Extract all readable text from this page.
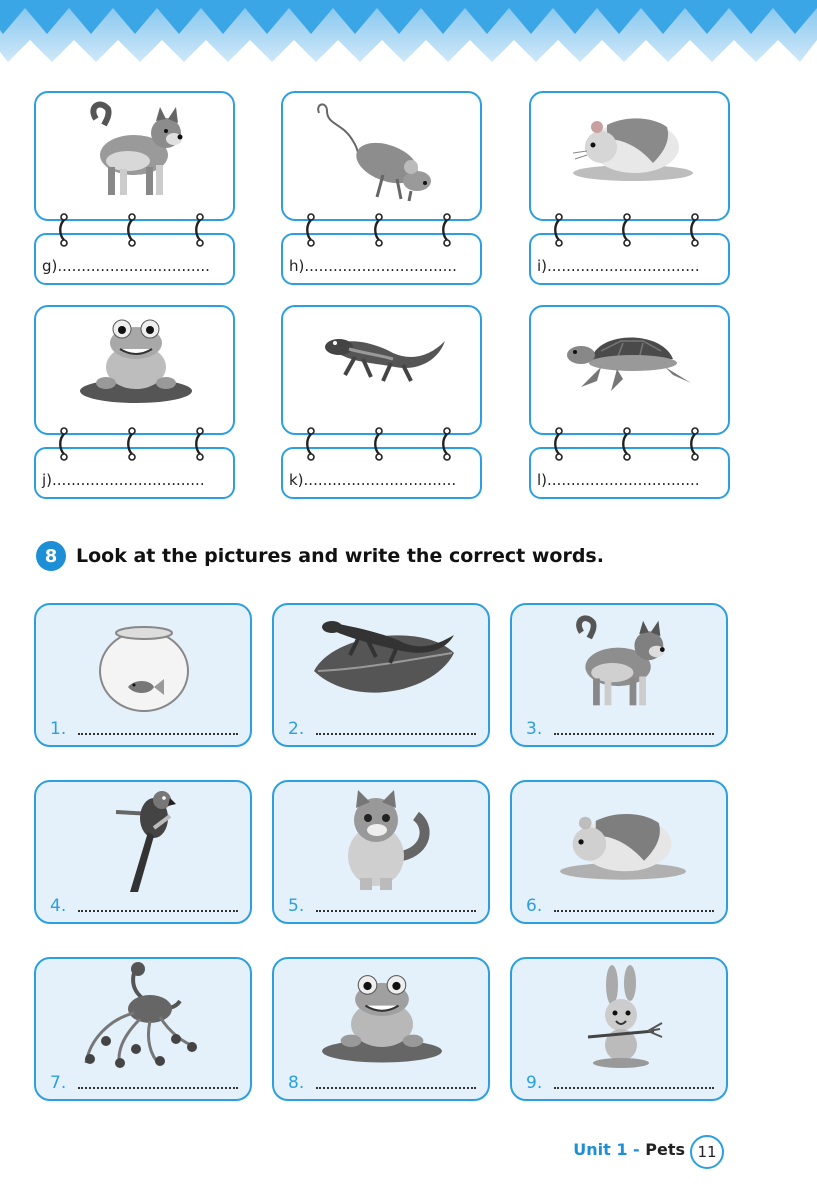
g)................................	h)................................	i)................................
j)................................	k)................................	l)................................
8 Look at the pictures and write the correct words.
1.	2.	3.
4.	5.	6.
7.	8.	9.
Unit 1 - Pets 11
